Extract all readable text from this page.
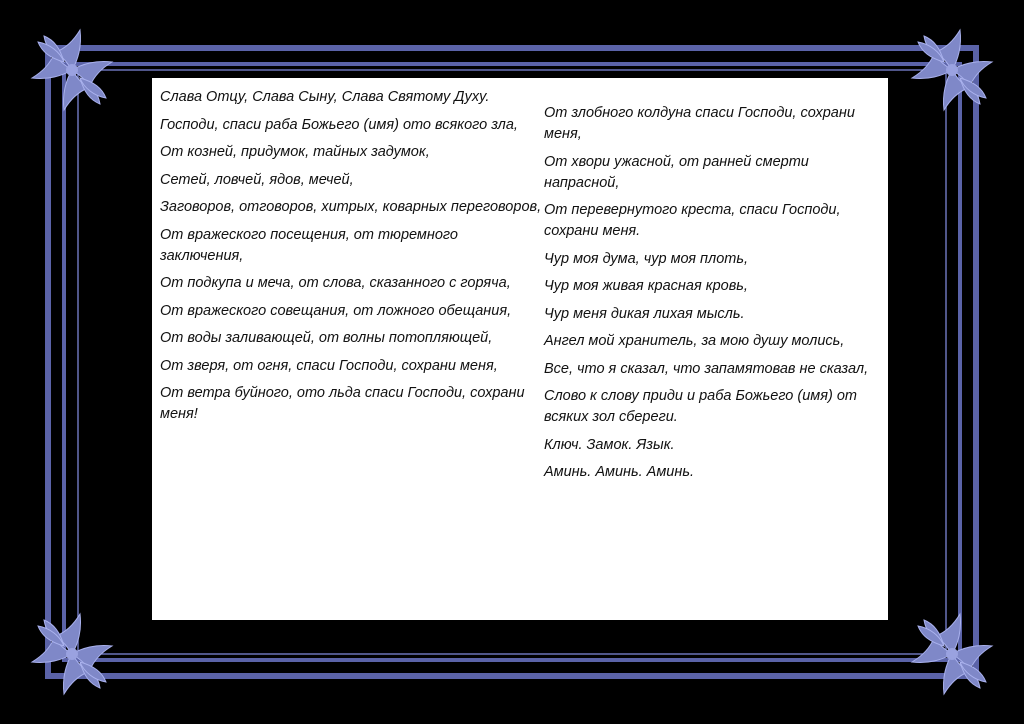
Слава Отцу, Слава Сыну, Слава Святому Духу.
Господи, спаси раба Божьего (имя) ото всякого зла,
От козней, придумок, тайных задумок,
Сетей, ловчей, ядов, мечей,
Заговоров, отговоров, хитрых, коварных переговоров,
От вражеского посещения, от тюремного заключения,
От подкупа и меча, от слова, сказанного с горяча,
От вражеского совещания, от ложного обещания,
От воды заливающей, от волны потопляющей,
От зверя, от огня, спаси Господи, сохрани меня,
От ветра буйного, ото льда спаси Господи, сохрани меня!
От злобного колдуна спаси Господи, сохрани меня,
От хвори ужасной, от ранней смерти напрасной,
От перевернутого креста, спаси Господи, сохрани меня.
Чур моя дума, чур моя плоть,
Чур моя живая красная кровь,
Чур меня дикая лихая мысль.
Ангел мой хранитель, за мою душу молись,
Все, что я сказал, что запамятовав не сказал,
Слово к слову приди и раба Божьего (имя) от всяких зол сбереги.
Ключ. Замок. Язык.
Аминь. Аминь. Аминь.
